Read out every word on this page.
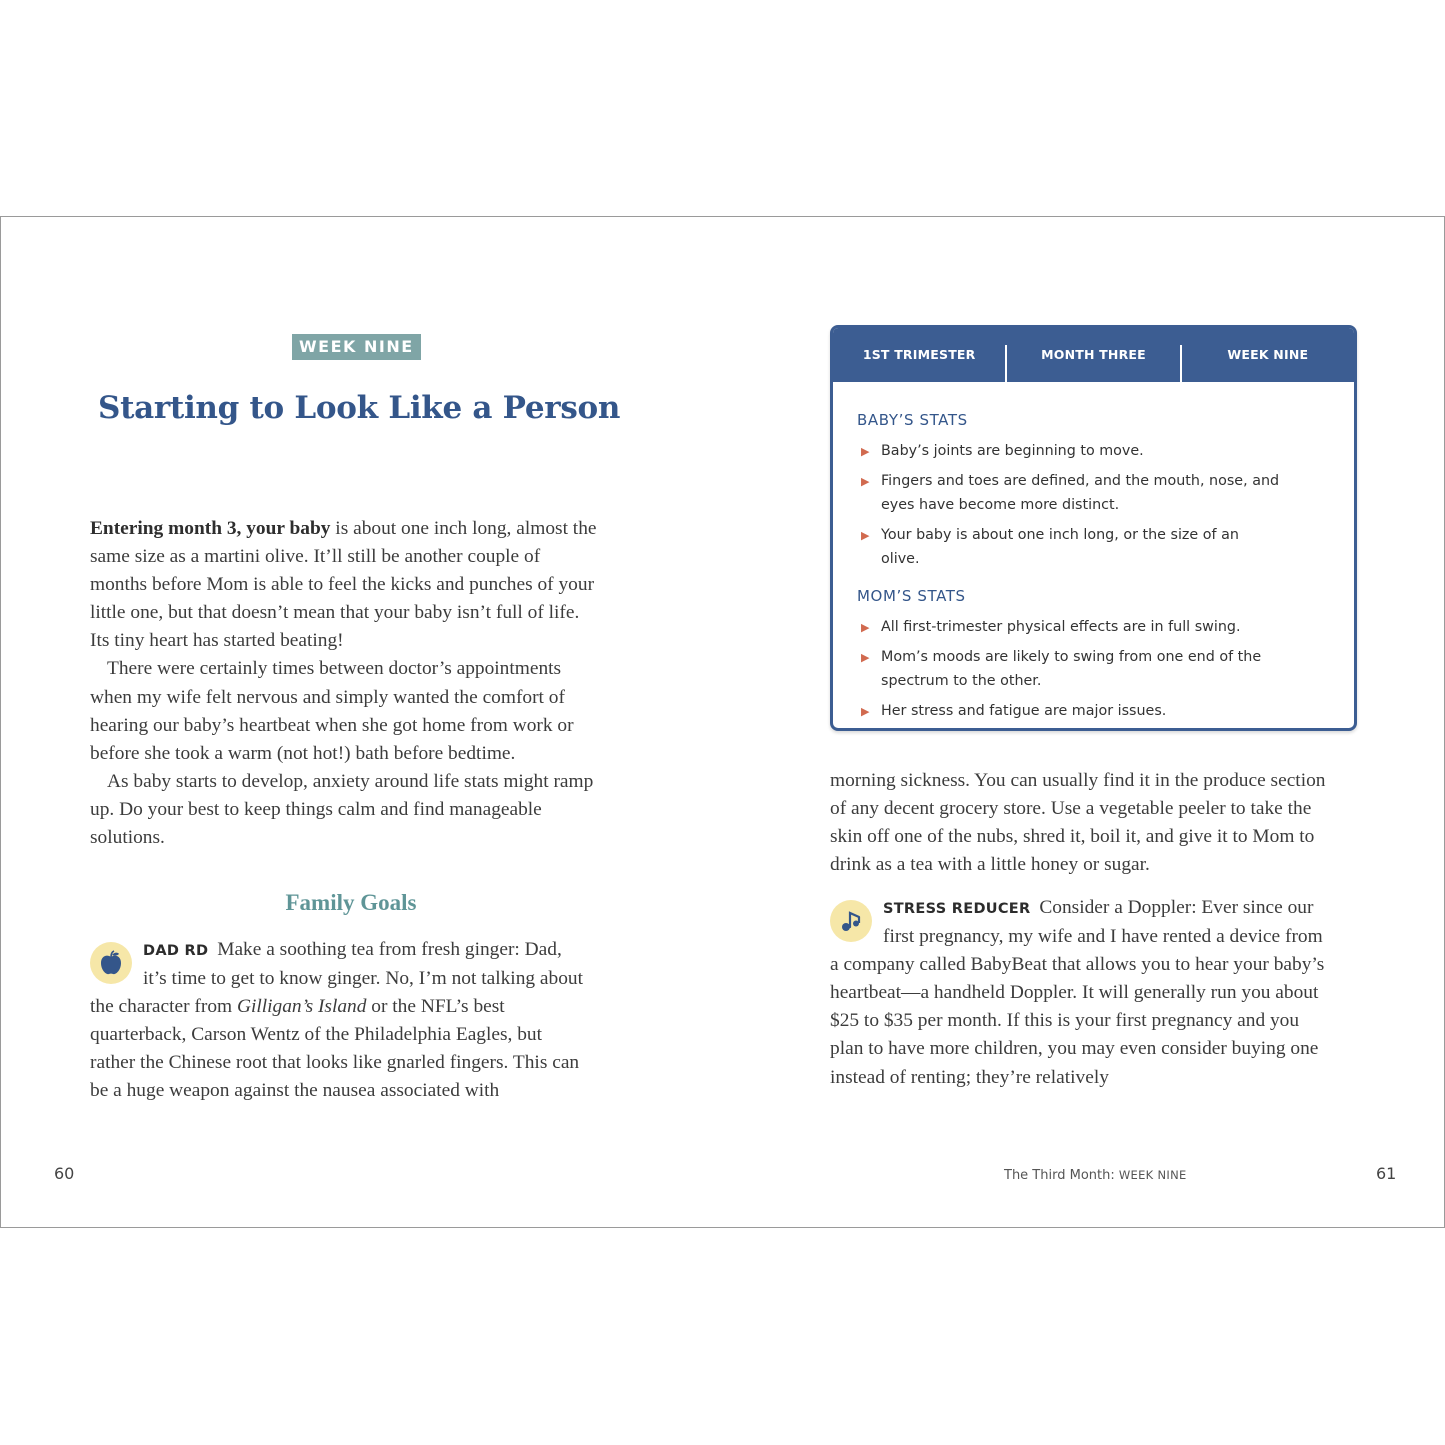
WEEK NINE
Starting to Look Like a Person

Entering month 3, your baby is about one inch long, almost the same size as a martini olive. It’ll still be another couple of months before Mom is able to feel the kicks and punches of your little one, but that doesn’t mean that your baby isn’t full of life. Its tiny heart has started beating!

There were certainly times between doctor’s appointments when my wife felt nervous and simply wanted the comfort of hearing our baby’s heartbeat when she got home from work or before she took a warm (not hot!) bath before bedtime.

As baby starts to develop, anxiety around life stats might ramp up. Do your best to keep things calm and find manageable solutions.

Family Goals

DAD RD Make a soothing tea from fresh ginger: Dad, it’s time to get to know ginger. No, I’m not talking about the character from Gilligan’s Island or the NFL’s best quarterback, Carson Wentz of the Philadelphia Eagles, but rather the Chinese root that looks like gnarled fingers. This can be a huge weapon against the nausea associated with

60
1ST TRIMESTER	MONTH THREE	WEEK NINE
BABY’S STATS
▶ Baby’s joints are beginning to move.
▶ Fingers and toes are defined, and the mouth, nose, and eyes have become more distinct.
▶ Your baby is about one inch long, or the size of an olive.
MOM’S STATS
▶ All first-trimester physical effects are in full swing.
▶ Mom’s moods are likely to swing from one end of the spectrum to the other.
▶ Her stress and fatigue are major issues.

morning sickness. You can usually find it in the produce section of any decent grocery store. Use a vegetable peeler to take the skin off one of the nubs, shred it, boil it, and give it to Mom to drink as a tea with a little honey or sugar.

STRESS REDUCER Consider a Doppler: Ever since our first pregnancy, my wife and I have rented a device from a company called BabyBeat that allows you to hear your baby’s heartbeat—a handheld Doppler. It will generally run you about $25 to $35 per month. If this is your first pregnancy and you plan to have more children, you may even consider buying one instead of renting; they’re relatively

The Third Month: WEEK NINE	61
